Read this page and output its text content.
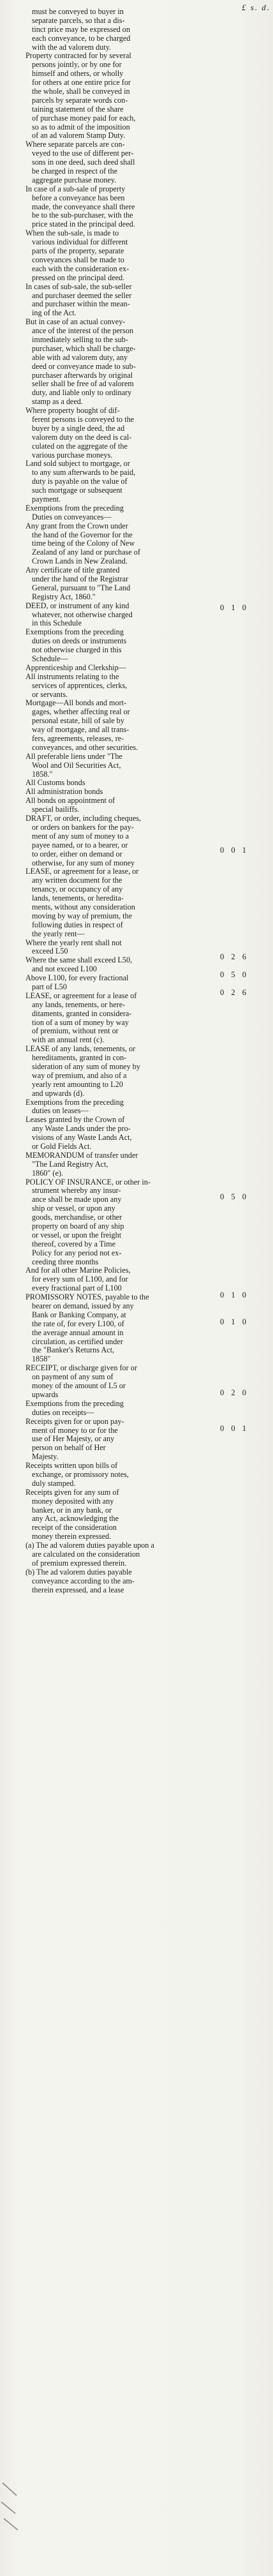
£ s. d.
must be conveyed to buyer in
separate parcels, so that a dis-
tinct price may be expressed on
each conveyance, to be charged
with the ad valorem duty.
Property contracted for by several
persons jointly, or by one for
himself and others, or wholly
for others at one entire price for
the whole, shall be conveyed in
parcels by separate words con-
taining statement of the share
of purchase money paid for each,
so as to admit of the imposition
of an ad valorem Stamp Duty.
Where separate parcels are con-
veyed to the use of different per-
sons in one deed, such deed shall
be charged in respect of the
aggregate purchase money.
In case of a sub-sale of property
before a conveyance has been
made, the conveyance shall there
be to the sub-purchaser, with the
price stated in the principal deed.
When the sub-sale, is made to
various individual for different
parts of the property, separate
conveyances shall be made to
each with the consideration ex-
pressed on the principal deed.
In cases of sub-sale, the sub-seller
and purchaser deemed the seller
and purchaser within the mean-
ing of the Act.
But in case of an actual convey-
ance of the interest of the person
immediately selling to the sub-
purchaser, which shall be charge-
able with ad valorem duty, any
deed or conveyance made to sub-
purchaser afterwards by original
seller shall be free of ad valorem
duty, and liable only to ordinary
stamp as a deed.
Where property bought of dif-
ferent persons is conveyed to the
buyer by a single deed, the ad
valorem duty on the deed is cal-
culated on the aggregate of the
various purchase moneys.
Land sold subject to mortgage, or
to any sum afterwards to be paid,
duty is payable on the value of
such mortgage or subsequent
payment.
Exemptions from the preceding
Duties on conveyances—
Any grant from the Crown under
the hand of the Governor for the
time being of the Colony of New
Zealand of any land or purchase of
Crown Lands in New Zealand.
Any certificate of title granted
under the hand of the Registrar
General, pursuant to "The Land
Registry Act, 1860."
DEED, or instrument of any kind
whatever, not otherwise charged
in this Schedule
Exemptions from the preceding
duties on deeds or instruments
not otherwise charged in this
Schedule—
Apprenticeship and Clerkship—
All instruments relating to the
services of apprentices, clerks,
or servants.
Mortgage—All bonds and mort-
gages, whether affecting real or
personal estate, bill of sale by
way of mortgage, and all trans-
fers, agreements, releases, re-
conveyances, and other securities.
All preferable liens under "The
Wool and Oil Securities Act,
1858."
All Customs bonds
All administration bonds
All bonds on appointment of
special bailiffs.
DRAFT, or order, including cheques,
or orders on bankers for the pay-
ment of any sum of money to a
payee named, or to a bearer, or
to order, either on demand or
otherwise, for any sum of money
LEASE, or agreement for a lease, or
any written document for the
tenancy, or occupancy of any
lands, tenements, or heredita-
ments, without any consideration
moving by way of premium, the
following duties in respect of
the yearly rent—
Where the yearly rent shall not
exceed L50
Where the same shall exceed L50,
and not exceed L100
Above L100, for every fractional
part of L50
LEASE, or agreement for a lease of
any lands, tenements, or here-
ditaments, granted in considera-
tion of a sum of money by way
of premium, without rent or
with an annual rent (c).
LEASE of any lands, tenements, or
hereditaments, granted in con-
sideration of any sum of money by
way of premium, and also of a
yearly rent amounting to L20
and upwards (d).
Exemptions from the preceding
duties on leases—
Leases granted by the Crown of
any Waste Lands under the pro-
visions of any Waste Lands Act,
or Gold Fields Act.
MEMORANDUM of transfer under
"The Land Registry Act,
1860" (e).
POLICY OF INSURANCE, or other in-
strument whereby any insur-
ance shall be made upon any
ship or vessel, or upon any
goods, merchandise, or other
property on board of any ship
or vessel, or upon the freight
thereof, covered by a Time
Policy for any period not ex-
ceeding three months
And for all other Marine Policies,
for every sum of L100, and for
every fractional part of L100
PROMISSORY NOTES, payable to the
bearer on demand, issued by any
Bank or Banking Company, at
the rate of, for every L100, of
the average annual amount in
circulation, as certified under
the "Banker's Returns Act,
1858"
RECEIPT, or discharge given for or
on payment of any sum of
money of the amount of L5 or
upwards
Exemptions from the preceding
duties on receipts—
Receipts given for or upon pay-
ment of money to or for the
use of Her Majesty, or any
person on behalf of Her
Majesty.
Receipts written upon bills of
exchange, or promissory notes,
duly stamped.
Receipts given for any sum of
money deposited with any
banker, or in any bank, or
any Act, acknowledging the
receipt of the consideration
money therein expressed.
(a) The ad valorem duties payable upon a
are calculated on the consideration
of premium expressed therein.
(b) The ad valorem duties payable
conveyance according to the am-
therein expressed, and a lease
0 1 0
0 0 1
0 2 6
0 5 0
0 2 6
0 5 0
0 1 0
0 1 0
0 2 0
0 0 1
